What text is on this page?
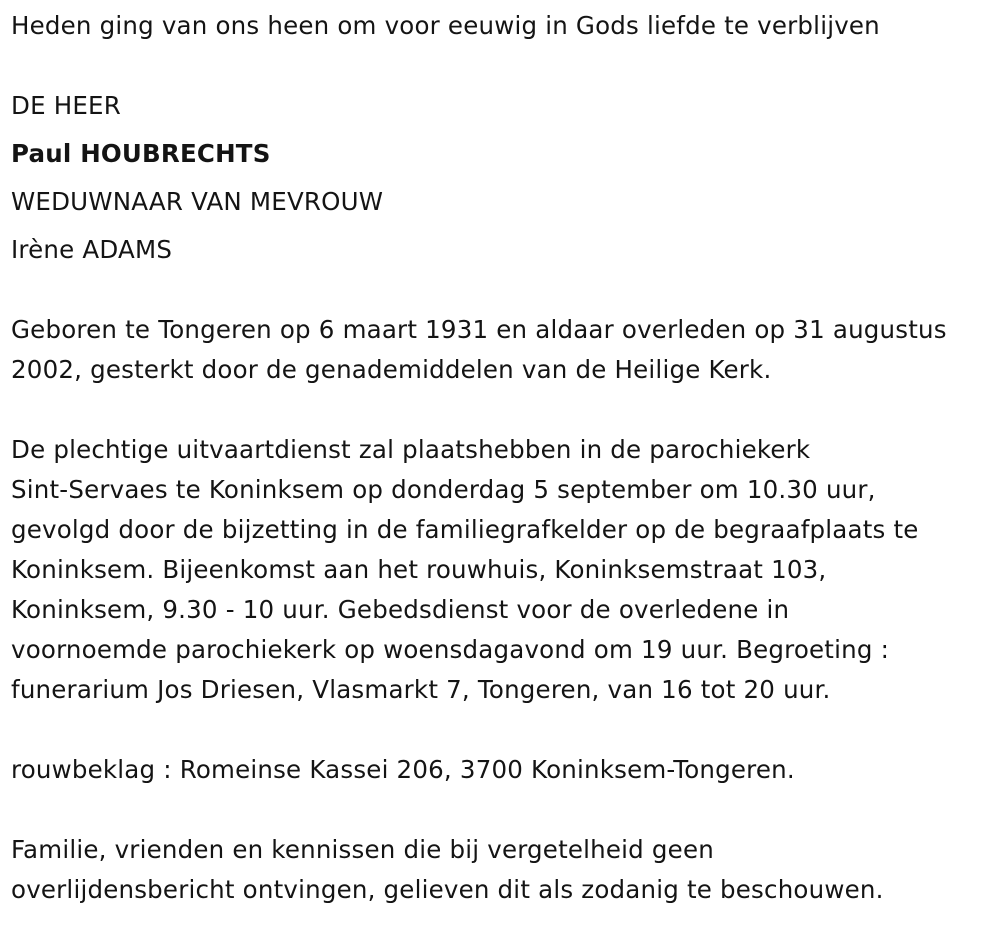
Heden ging van ons heen om voor eeuwig in Gods liefde te verblijven
DE HEER
Paul HOUBRECHTS
WEDUWNAAR VAN MEVROUW
Irène ADAMS
Geboren te Tongeren op 6 maart 1931 en aldaar overleden op 31 augustus 2002, gesterkt door de genademiddelen van de Heilige Kerk.
De plechtige uitvaartdienst zal plaatshebben in de parochiekerk
Sint-Servaes te Koninksem op donderdag 5 september om 10.30 uur,
gevolgd door de bijzetting in de familiegrafkelder op de begraafplaats te
Koninksem. Bijeenkomst aan het rouwhuis, Koninksemstraat 103,
Koninksem, 9.30 - 10 uur. Gebedsdienst voor de overledene in
voornoemde parochiekerk op woensdagavond om 19 uur. Begroeting :
funerarium Jos Driesen, Vlasmarkt 7, Tongeren, van 16 tot 20 uur.
rouwbeklag : Romeinse Kassei 206, 3700 Koninksem-Tongeren.
Familie, vrienden en kennissen die bij vergetelheid geen
overlijdensbericht ontvingen, gelieven dit als zodanig te beschouwen.
